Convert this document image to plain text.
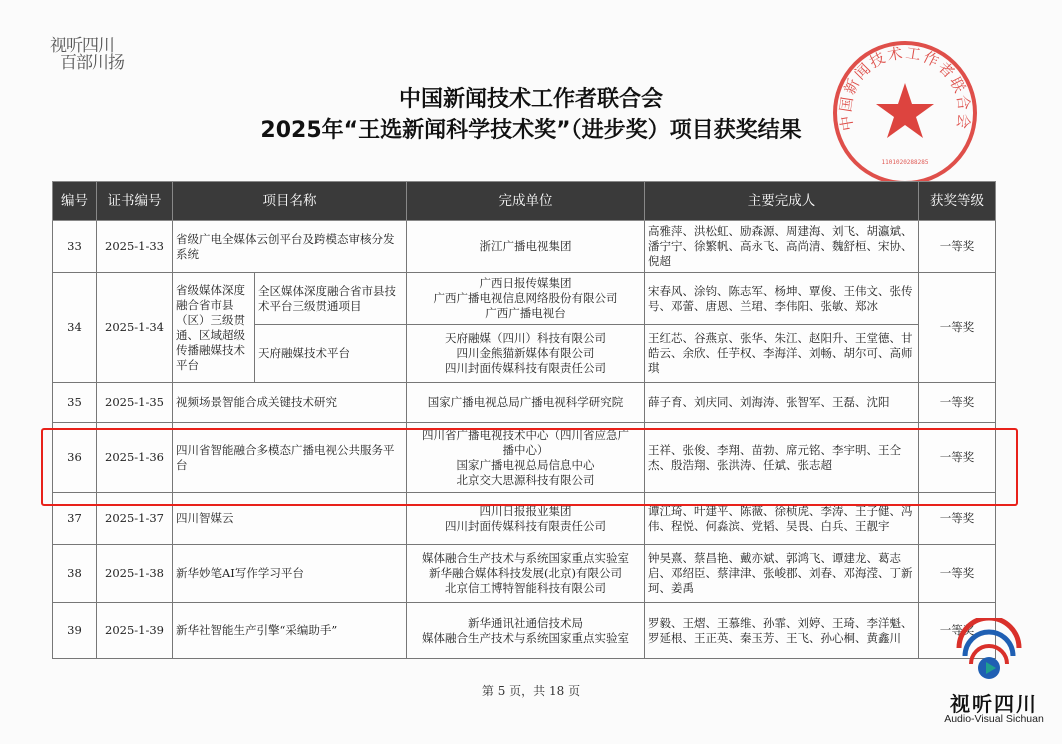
视听四川
百部川扬
中国新闻技术工作者联合会
2025年“王选新闻科学技术奖”（进步奖）项目获奖结果	中国新闻技术工作者联合会
1101020288285
编号	证书编号	项目名称		完成单位	主要完成人	获奖等级
33	2025-1-33	省级广电全媒体云创平台及跨模态审核分发系统		浙江广播电视集团	高雅萍、洪松虹、励森源、周建海、刘飞、胡瀛斌、潘宁宁、徐繁帆、高永飞、高尚清、魏舒桓、宋协、倪超	一等奖
34	2025-1-34	省级媒体深度融合省市县（区）三级贯通、区域超级传播融媒技术平台	全区媒体深度融合省市县技术平台三级贯通项目	广西日报传媒集团
广西广播电视信息网络股份有限公司
广西广播电视台	宋春风、涂钧、陈志军、杨坤、覃俊、王伟文、张传号、邓蕾、唐恩、兰珺、李伟阳、张敏、郑冰	一等奖
			天府融媒技术平台	天府融媒（四川）科技有限公司
四川金熊猫新媒体有限公司
四川封面传媒科技有限责任公司	王红芯、谷燕京、张华、朱江、赵阳升、王堂德、甘皓云、余欣、任芋权、李海洋、刘畅、胡尔可、高师琪	
35	2025-1-35	视频场景智能合成关键技术研究		国家广播电视总局广播电视科学研究院	薛子育、刘庆同、刘海涛、张智军、王磊、沈阳	一等奖
36	2025-1-36	四川省智能融合多模态广播电视公共服务平台		四川省广播电视技术中心（四川省应急广
播中心）
国家广播电视总局信息中心
北京交大思源科技有限公司	王祥、张俊、李翔、苗勃、席元铭、李宇明、王仝杰、殷浩翔、张洪涛、任斌、张志超	一等奖
37	2025-1-37	四川智媒云		四川日报报业集团
四川封面传媒科技有限责任公司	谭江琦、叶建平、陈薇、徐桢虎、李涛、王子健、冯伟、程悦、何淼滨、党韬、吴畏、白兵、王靓宇	一等奖
38	2025-1-38	新华妙笔AI写作学习平台		媒体融合生产技术与系统国家重点实验室
新华融合媒体科技发展(北京)有限公司
北京信工博特智能科技有限公司	钟昊熹、蔡昌艳、戴亦斌、郭鸿飞、谭建龙、葛志启、邓绍臣、蔡津津、张峻郡、刘春、邓海滢、丁新珂、姜禹	一等奖
39	2025-1-39	新华社智能生产引擎“采编助手”		新华通讯社通信技术局
媒体融合生产技术与系统国家重点实验室	罗毅、王熠、王慕维、孙霏、刘婷、王琦、李洋魁、罗延根、王正英、秦玉芳、王飞、孙心桐、黄鑫川	一等奖
第 5 页，共 18 页
视听四川
Audio-Visual Sichuan
